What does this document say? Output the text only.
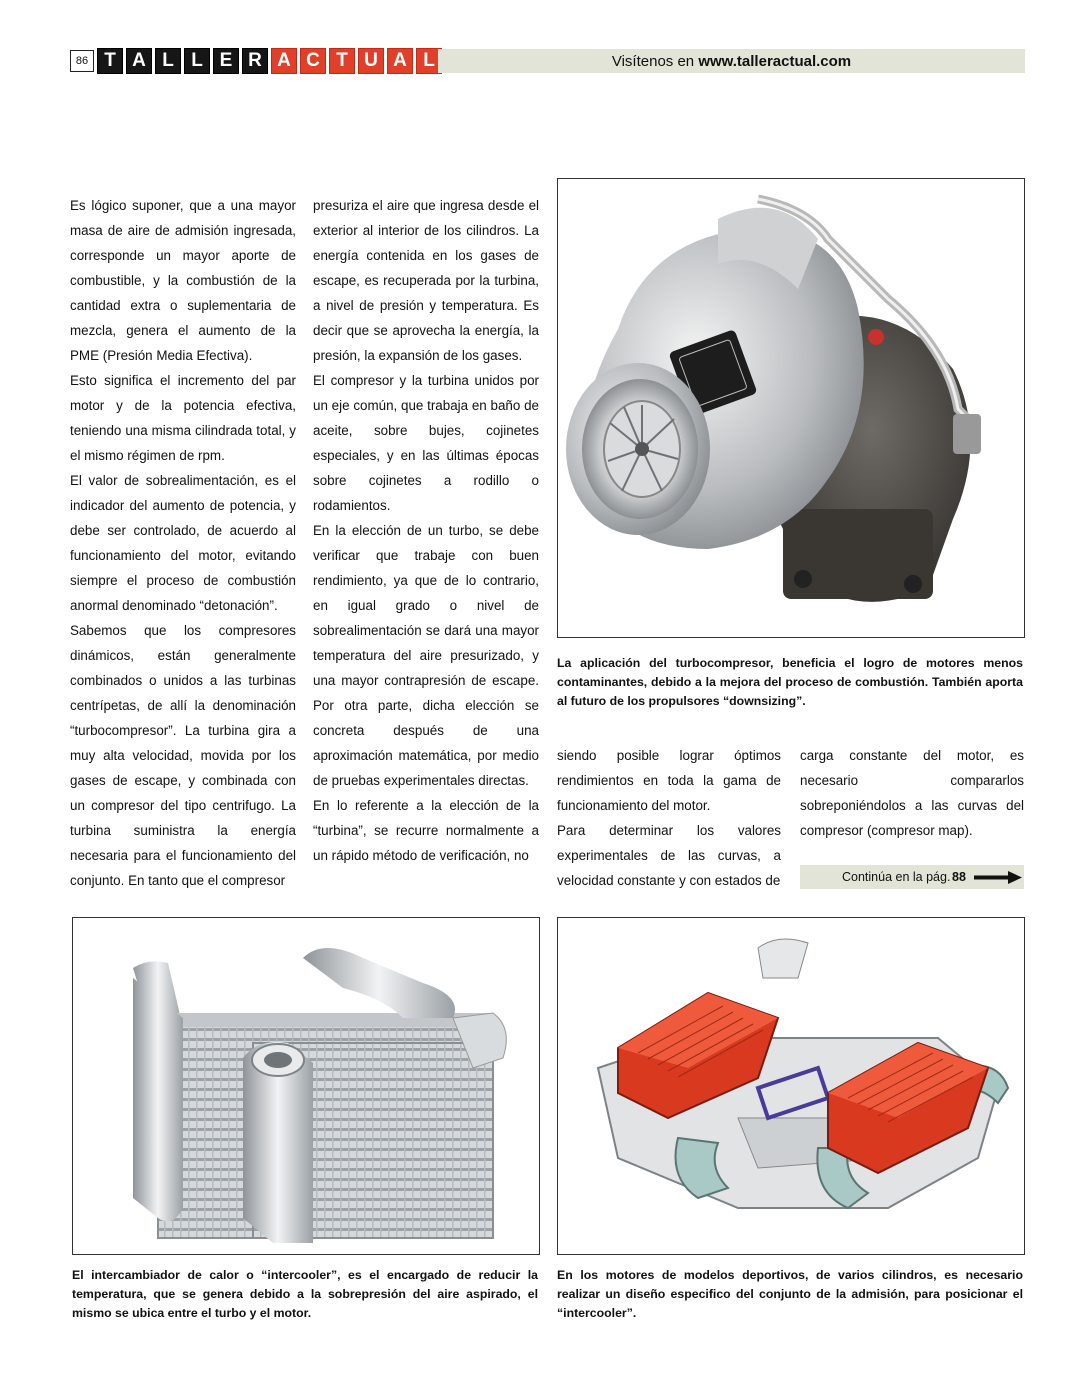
86 T A L L E R A C T U A L	Visítenos en www.talleractual.com

Es lógico suponer, que a una mayor masa de aire de admisión ingresada, corresponde un mayor aporte de combustible, y la combustión de la cantidad extra o suplementaria de mezcla, genera el aumento de la PME (Presión Media Efectiva).

Esto significa el incremento del par motor y de la potencia efectiva, teniendo una misma cilindrada total, y el mismo régimen de rpm.

El valor de sobrealimentación, es el indicador del aumento de potencia, y debe ser controlado, de acuerdo al funcionamiento del motor, evitando siempre el proceso de combustión anormal denominado “detonación”.

Sabemos que los compresores dinámicos, están generalmente combinados o unidos a las turbinas centrípetas, de allí la denominación “turbocompresor”. La turbina gira a muy alta velocidad, movida por los gases de escape, y combinada con un compresor del tipo centrifugo. La turbina suministra la energía necesaria para el funcionamiento del conjunto. En tanto que el compresor

presuriza el aire que ingresa desde el exterior al interior de los cilindros. La energía contenida en los gases de escape, es recuperada por la turbina, a nivel de presión y temperatura. Es decir que se aprovecha la energía, la presión, la expansión de los gases.

El compresor y la turbina unidos por un eje común, que trabaja en baño de aceite, sobre bujes, cojinetes especiales, y en las últimas épocas sobre cojinetes a rodillo o rodamientos.

En la elección de un turbo, se debe verificar que trabaje con buen rendimiento, ya que de lo contrario, en igual grado o nivel de sobrealimentación se dará una mayor temperatura del aire presurizado, y una mayor contrapresión de escape. Por otra parte, dicha elección se concreta después de una aproximación matemática, por medio de pruebas experimentales directas.

En lo referente a la elección de la “turbina”, se recurre normalmente a un rápido método de verificación, no

siendo posible lograr óptimos rendimientos en toda la gama de funcionamiento del motor.

Para determinar los valores experimentales de las curvas, a velocidad constante y con estados de

carga constante del motor, es necesario compararlos sobreponiéndolos a las curvas del compresor (compresor map).

Continúa en la pág. 88
La aplicación del turbocompresor, beneficia el logro de motores menos contaminantes, debido a la mejora del proceso de combustión. También aporta al futuro de los propulsores “downsizing”.
El intercambiador de calor o “intercooler”, es el encargado de reducir la temperatura, que se genera debido a la sobrepresión del aire aspirado, el mismo se ubica entre el turbo y el motor.
En los motores de modelos deportivos, de varios cilindros, es necesario realizar un diseño especifico del conjunto de la admisión, para posicionar el “intercooler”.
